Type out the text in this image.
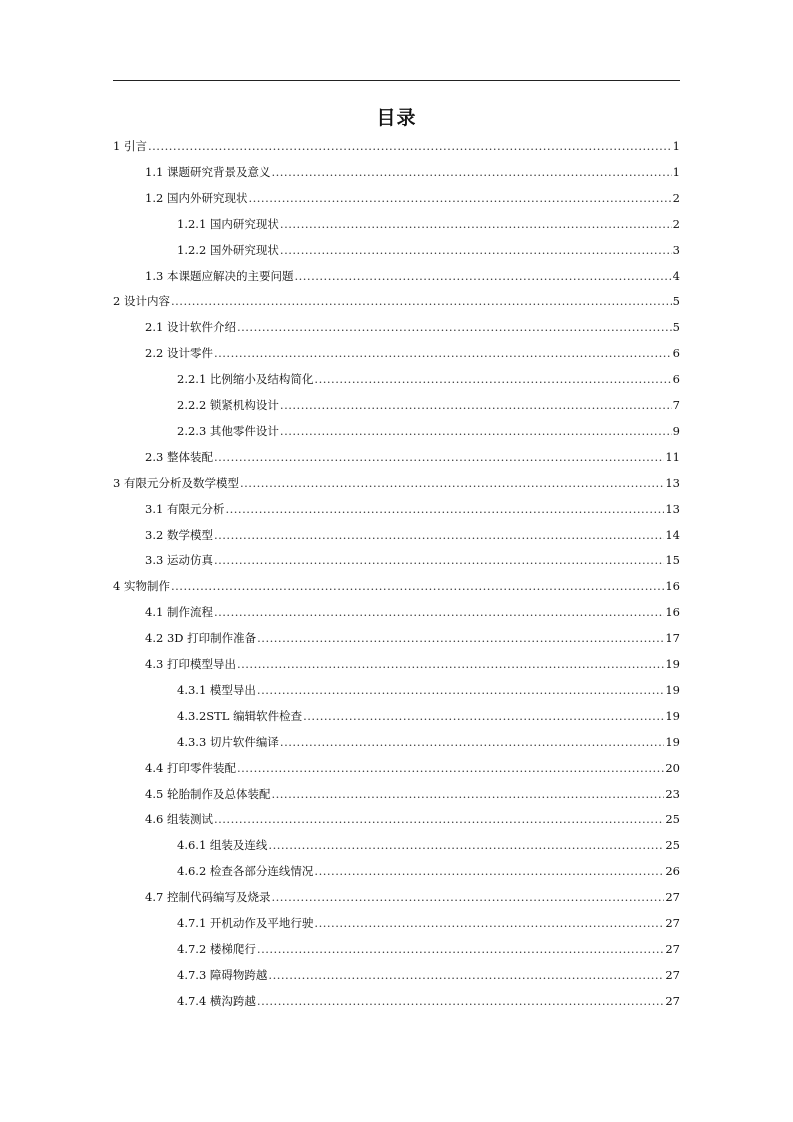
目录
1 引言 .....	1
1.1 课题研究背景及意义 .....	1
1.2 国内外研究现状 .....	2
1.2.1 国内研究现状 .....	2
1.2.2 国外研究现状 .....	3
1.3 本课题应解决的主要问题 .....	4
2 设计内容 .....	5
2.1 设计软件介绍 .....	5
2.2 设计零件 .....	6
2.2.1 比例缩小及结构简化 .....	6
2.2.2 锁紧机构设计 .....	7
2.2.3 其他零件设计 .....	9
2.3 整体装配 .....	11
3 有限元分析及数学模型 .....	13
3.1 有限元分析 .....	13
3.2 数学模型 .....	14
3.3 运动仿真 .....	15
4 实物制作 .....	16
4.1 制作流程 .....	16
4.2 3D 打印制作准备 .....	17
4.3 打印模型导出 .....	19
4.3.1 模型导出 .....	19
4.3.2STL 编辑软件检查 .....	19
4.3.3 切片软件编译 .....	19
4.4 打印零件装配 .....	20
4.5 轮胎制作及总体装配 .....	23
4.6 组装测试 .....	25
4.6.1 组装及连线 .....	25
4.6.2 检查各部分连线情况 .....	26
4.7 控制代码编写及烧录 .....	27
4.7.1 开机动作及平地行驶 .....	27
4.7.2 楼梯爬行 .....	27
4.7.3 障碍物跨越 .....	27
4.7.4 横沟跨越 .....	27
